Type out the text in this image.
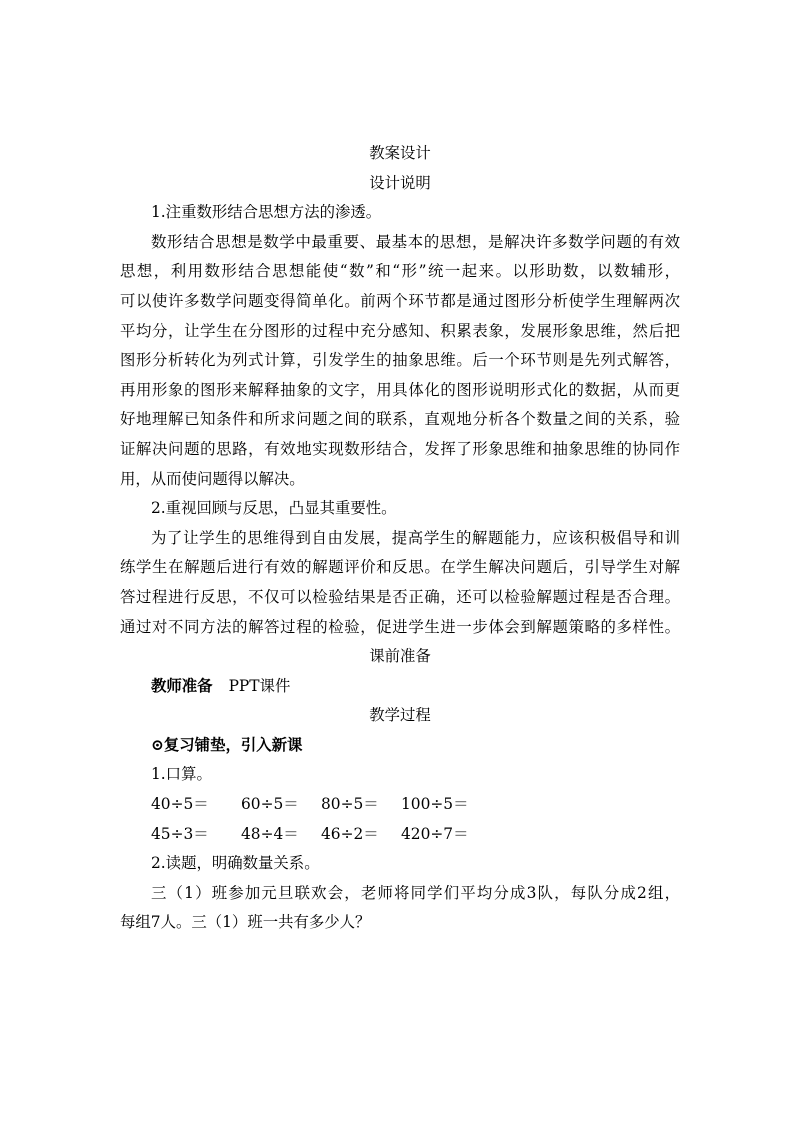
教案设计
设计说明
1.注重数形结合思想方法的渗透。
数形结合思想是数学中最重要、最基本的思想，是解决许多数学问题的有效
思想，利用数形结合思想能使“数”和“形”统一起来。以形助数，以数辅形，
可以使许多数学问题变得简单化。前两个环节都是通过图形分析使学生理解两次
平均分，让学生在分图形的过程中充分感知、积累表象，发展形象思维，然后把
图形分析转化为列式计算，引发学生的抽象思维。后一个环节则是先列式解答，
再用形象的图形来解释抽象的文字，用具体化的图形说明形式化的数据，从而更
好地理解已知条件和所求问题之间的联系，直观地分析各个数量之间的关系，验
证解决问题的思路，有效地实现数形结合，发挥了形象思维和抽象思维的协同作
用，从而使问题得以解决。
2.重视回顾与反思，凸显其重要性。
为了让学生的思维得到自由发展，提高学生的解题能力，应该积极倡导和训
练学生在解题后进行有效的解题评价和反思。在学生解决问题后，引导学生对解
答过程进行反思，不仅可以检验结果是否正确，还可以检验解题过程是否合理。
通过对不同方法的解答过程的检验，促进学生进一步体会到解题策略的多样性。
课前准备
教师准备 PPT课件
教学过程
⊙复习铺垫，引入新课
1.口算。
40÷5＝ 60÷5＝ 80÷5＝ 100÷5＝
45÷3＝ 48÷4＝ 46÷2＝ 420÷7＝
2.读题，明确数量关系。
三（1）班参加元旦联欢会，老师将同学们平均分成3队，每队分成2组，
每组7人。三（1）班一共有多少人？
